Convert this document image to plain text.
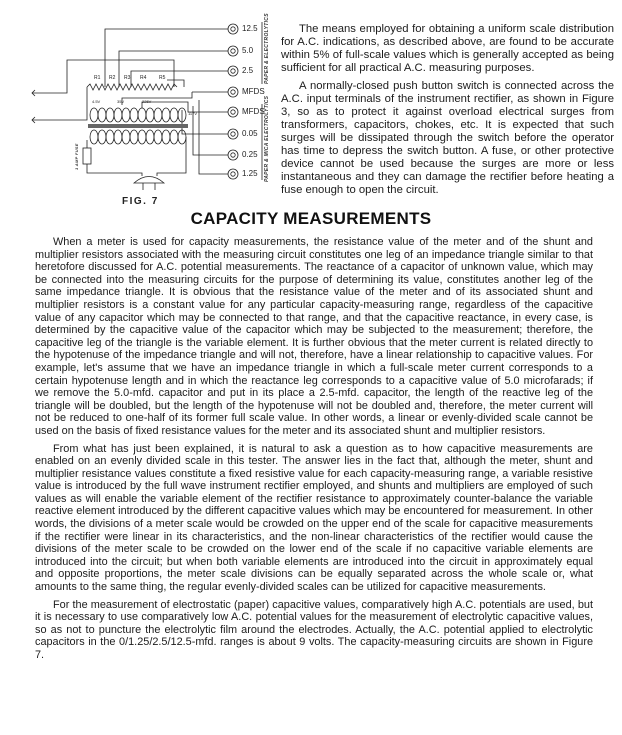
12.5
5.0
2.5
MFDS
MFDS
0.05
0.25
1.25
R1 R2 R3 R4	R5
4.5V	35V	225V
117V
1 AMP FUSE
PAPER & ELECTROLYTICS
PAPER & MICA ELECTROLYTICS
FIG. 7

The means employed for obtaining a uniform scale distribution for A.C. indications, as described above, are found to be accurate within 5% of full-scale values which is generally accepted as being sufficient for all practical A.C. measuring purposes.

A normally-closed push button switch is connected across the A.C. input terminals of the instrument rectifier, as shown in Figure 3, so as to protect it against overload electrical surges from transformers, capacitors, chokes, etc. It is expected that such surges will be dissipated through the switch before the operator has time to depress the switch button. A fuse, or other protective device cannot be used because the surges are more or less instantaneous and they can damage the rectifier before heating a fuse enough to open the circuit.

CAPACITY MEASUREMENTS

When a meter is used for capacity measurements, the resistance value of the meter and of the shunt and multiplier resistors associated with the measuring circuit constitutes one leg of an impedance triangle similar to that heretofore discussed for A.C. potential measurements. The reactance of a capacitor of unknown value, which may be connected into the measuring circuits for the purpose of determining its value, constitutes another leg of the same impedance triangle. It is obvious that the resistance value of the meter and of its associated shunt and multiplier resistors is a constant value for any particular capacity-measuring range, regardless of the capacitive value of any capacitor which may be connected to that range, and that the capacitive reactance, in every case, is determined by the capacitive value of the capacitor which may be subjected to the measurement; therefore, the capacitive leg of the triangle is the variable element. It is further obvious that the meter current is related directly to the hypotenuse of the impedance triangle and will not, therefore, have a linear relationship to capacitive values. For example, let's assume that we have an impedance triangle in which a full-scale meter current corresponds to a certain hypotenuse length and in which the reactance leg corresponds to a capacitive value of 5.0 microfarads; if we remove the 5.0-mfd. capacitor and put in its place a 2.5-mfd. capacitor, the length of the reactive leg of the triangle will be doubled, but the length of the hypotenuse will not be doubled and, therefore, the meter current will not be reduced to one-half of its former full scale value. In other words, a linear or evenly-divided scale cannot be used on the basis of fixed resistance values for the meter and its associated shunt and multiplier resistors.

From what has just been explained, it is natural to ask a question as to how capacitive measurements are enabled on an evenly divided scale in this tester. The answer lies in the fact that, although the meter, shunt and multiplier resistance values constitute a fixed resistive value for each capacity-measuring range, a variable resistive value is introduced by the full wave instrument rectifier employed, and shunts and multipliers are employed of such values as will enable the variable element of the rectifier resistance to approximately counter-balance the variable reactive element introduced by the different capacitive values which may be encountered for measurement. In other words, the divisions of a meter scale would be crowded on the upper end of the scale for capacitive measurements if the rectifier were linear in its characteristics, and the non-linear characteristics of the rectifier would cause the divisions of the meter scale to be crowded on the lower end of the scale if no capacitive variable elements are introduced into the circuit; but when both variable elements are introduced into the circuit in approximately equal and opposite proportions, the meter scale divisions can be equally separated across the whole scale or, what amounts to the same thing, the regular evenly-divided scales can be utilized for capacitive measurements.

For the measurement of electrostatic (paper) capacitive values, comparatively high A.C. potentials are used, but it is necessary to use comparatively low A.C. potential values for the measurement of electrolytic capacitive values, so as not to puncture the electrolytic film around the electrodes. Actually, the A.C. potential applied to electrolytic capacitors in the 0/1.25/2.5/12.5-mfd. ranges is about 9 volts. The capacity-measuring circuits are shown in Figure 7.
